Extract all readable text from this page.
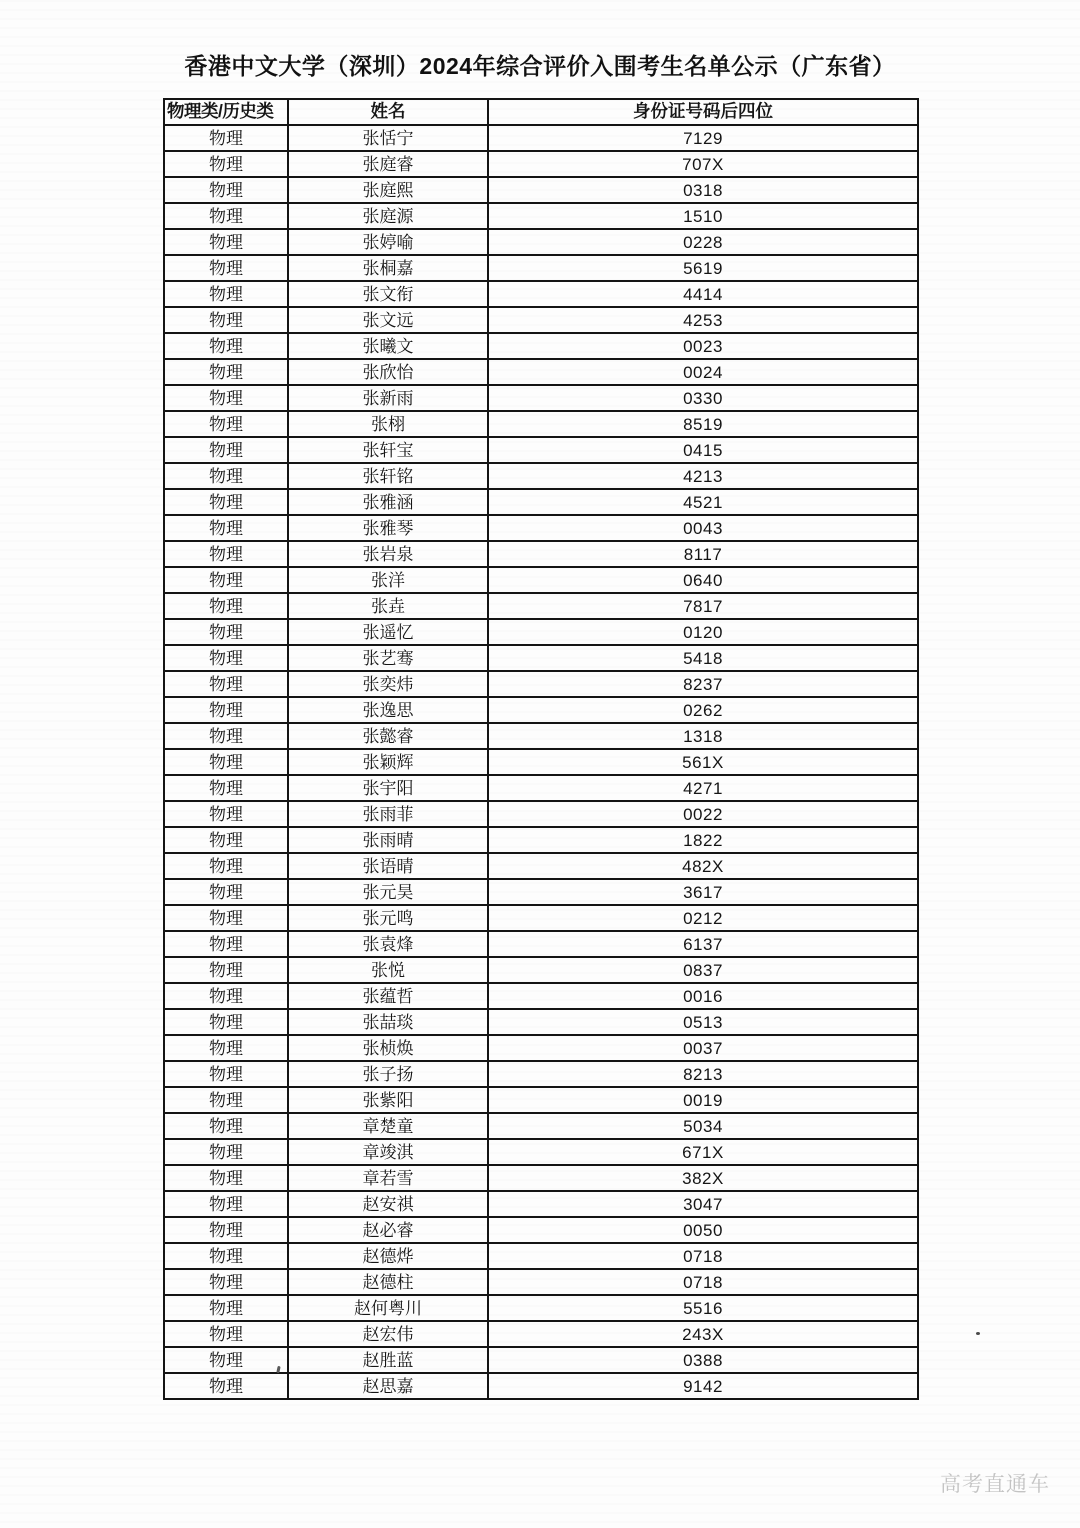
香港中文大学（深圳）2024年综合评价入围考生名单公示（广东省）
物理类/历史类	姓名	身份证号码后四位
物理	张恬宁	7129
物理	张庭睿	707X
物理	张庭熙	0318
物理	张庭源	1510
物理	张婷喻	0228
物理	张桐嘉	5619
物理	张文衔	4414
物理	张文远	4253
物理	张曦文	0023
物理	张欣怡	0024
物理	张新雨	0330
物理	张栩	8519
物理	张轩宝	0415
物理	张轩铭	4213
物理	张雅涵	4521
物理	张雅琴	0043
物理	张岩泉	8117
物理	张洋	0640
物理	张垚	7817
物理	张遥忆	0120
物理	张艺骞	5418
物理	张奕炜	8237
物理	张逸思	0262
物理	张懿睿	1318
物理	张颖辉	561X
物理	张宇阳	4271
物理	张雨菲	0022
物理	张雨晴	1822
物理	张语晴	482X
物理	张元昊	3617
物理	张元鸣	0212
物理	张袁烽	6137
物理	张悦	0837
物理	张蕴哲	0016
物理	张喆琰	0513
物理	张桢焕	0037
物理	张子扬	8213
物理	张紫阳	0019
物理	章楚童	5034
物理	章竣淇	671X
物理	章若雪	382X
物理	赵安祺	3047
物理	赵必睿	0050
物理	赵德烨	0718
物理	赵德柱	0718
物理	赵何粤川	5516
物理	赵宏伟	243X
物理	赵胜蓝	0388
物理	赵思嘉	9142
高考直通车
